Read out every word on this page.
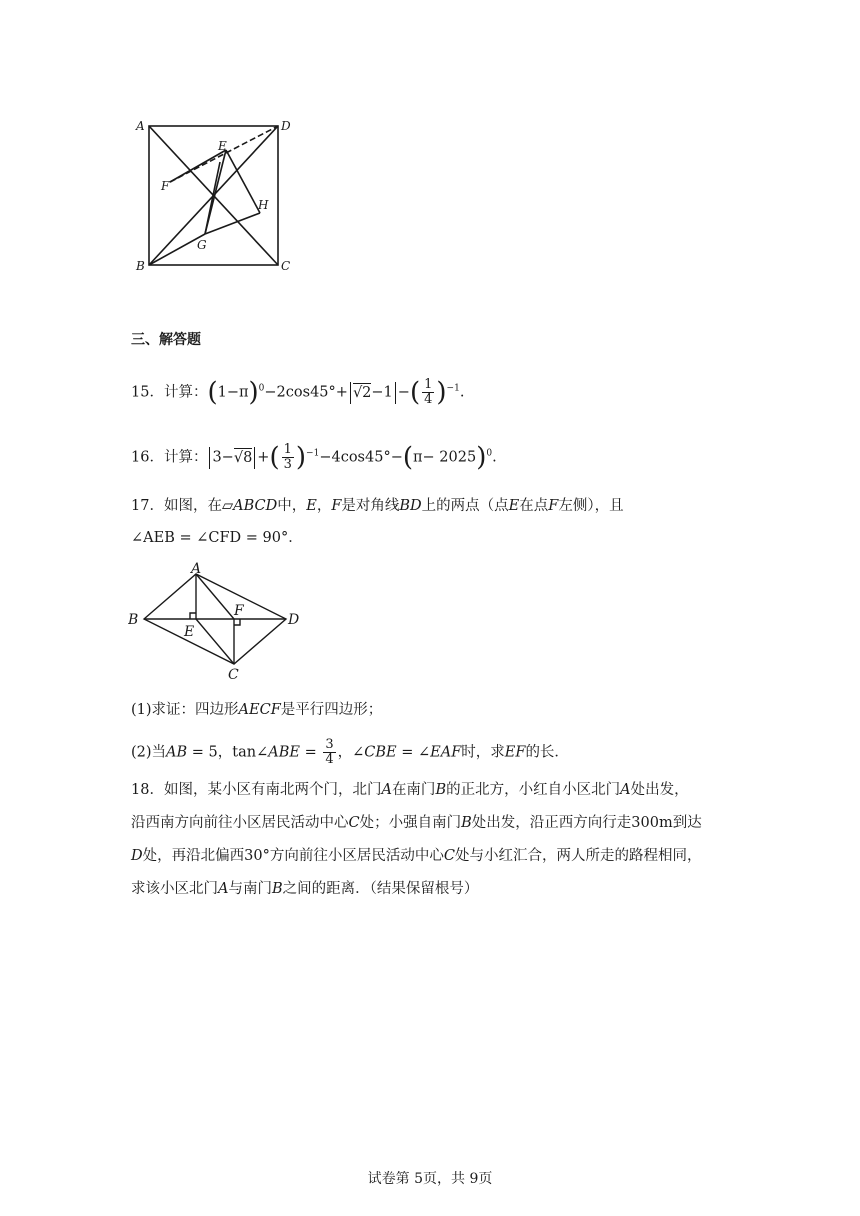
A	D
E
F
G
H
B	C
三、解答题
15．计算：$(1-\pi)^0-2\cos 45^\circ+ √2-1$ −( $\frac{1}{4} )^{-1}$.
16．计算： 3−√8 +( $\frac{1}{3} )^{-1}-4\cos 45^\circ-(\pi- 2025)^0$.
17．如图，在▱ABCD中，E，F是对角线BD上的两点（点E在点F左侧），且
∠AEB = ∠CFD = 90°．
A
B
E
F
D
C
(1)求证：四边形AECF是平行四边形；
(2)当AB = 5，tan∠ABE = $\frac{3}{4}$ ，∠CBE = ∠EAF时，求EF的长．
18．如图，某小区有南北两个门，北门A在南门B的正北方，小红自小区北门A处出发，
沿西南方向前往小区居民活动中心C处；小强自南门B处出发，沿正西方向行走300m到达
D处，再沿北偏西30°方向前往小区居民活动中心C处与小红汇合，两人所走的路程相同，
求该小区北门A与南门B之间的距离．（结果保留根号）
试卷第 5页，共 9页
